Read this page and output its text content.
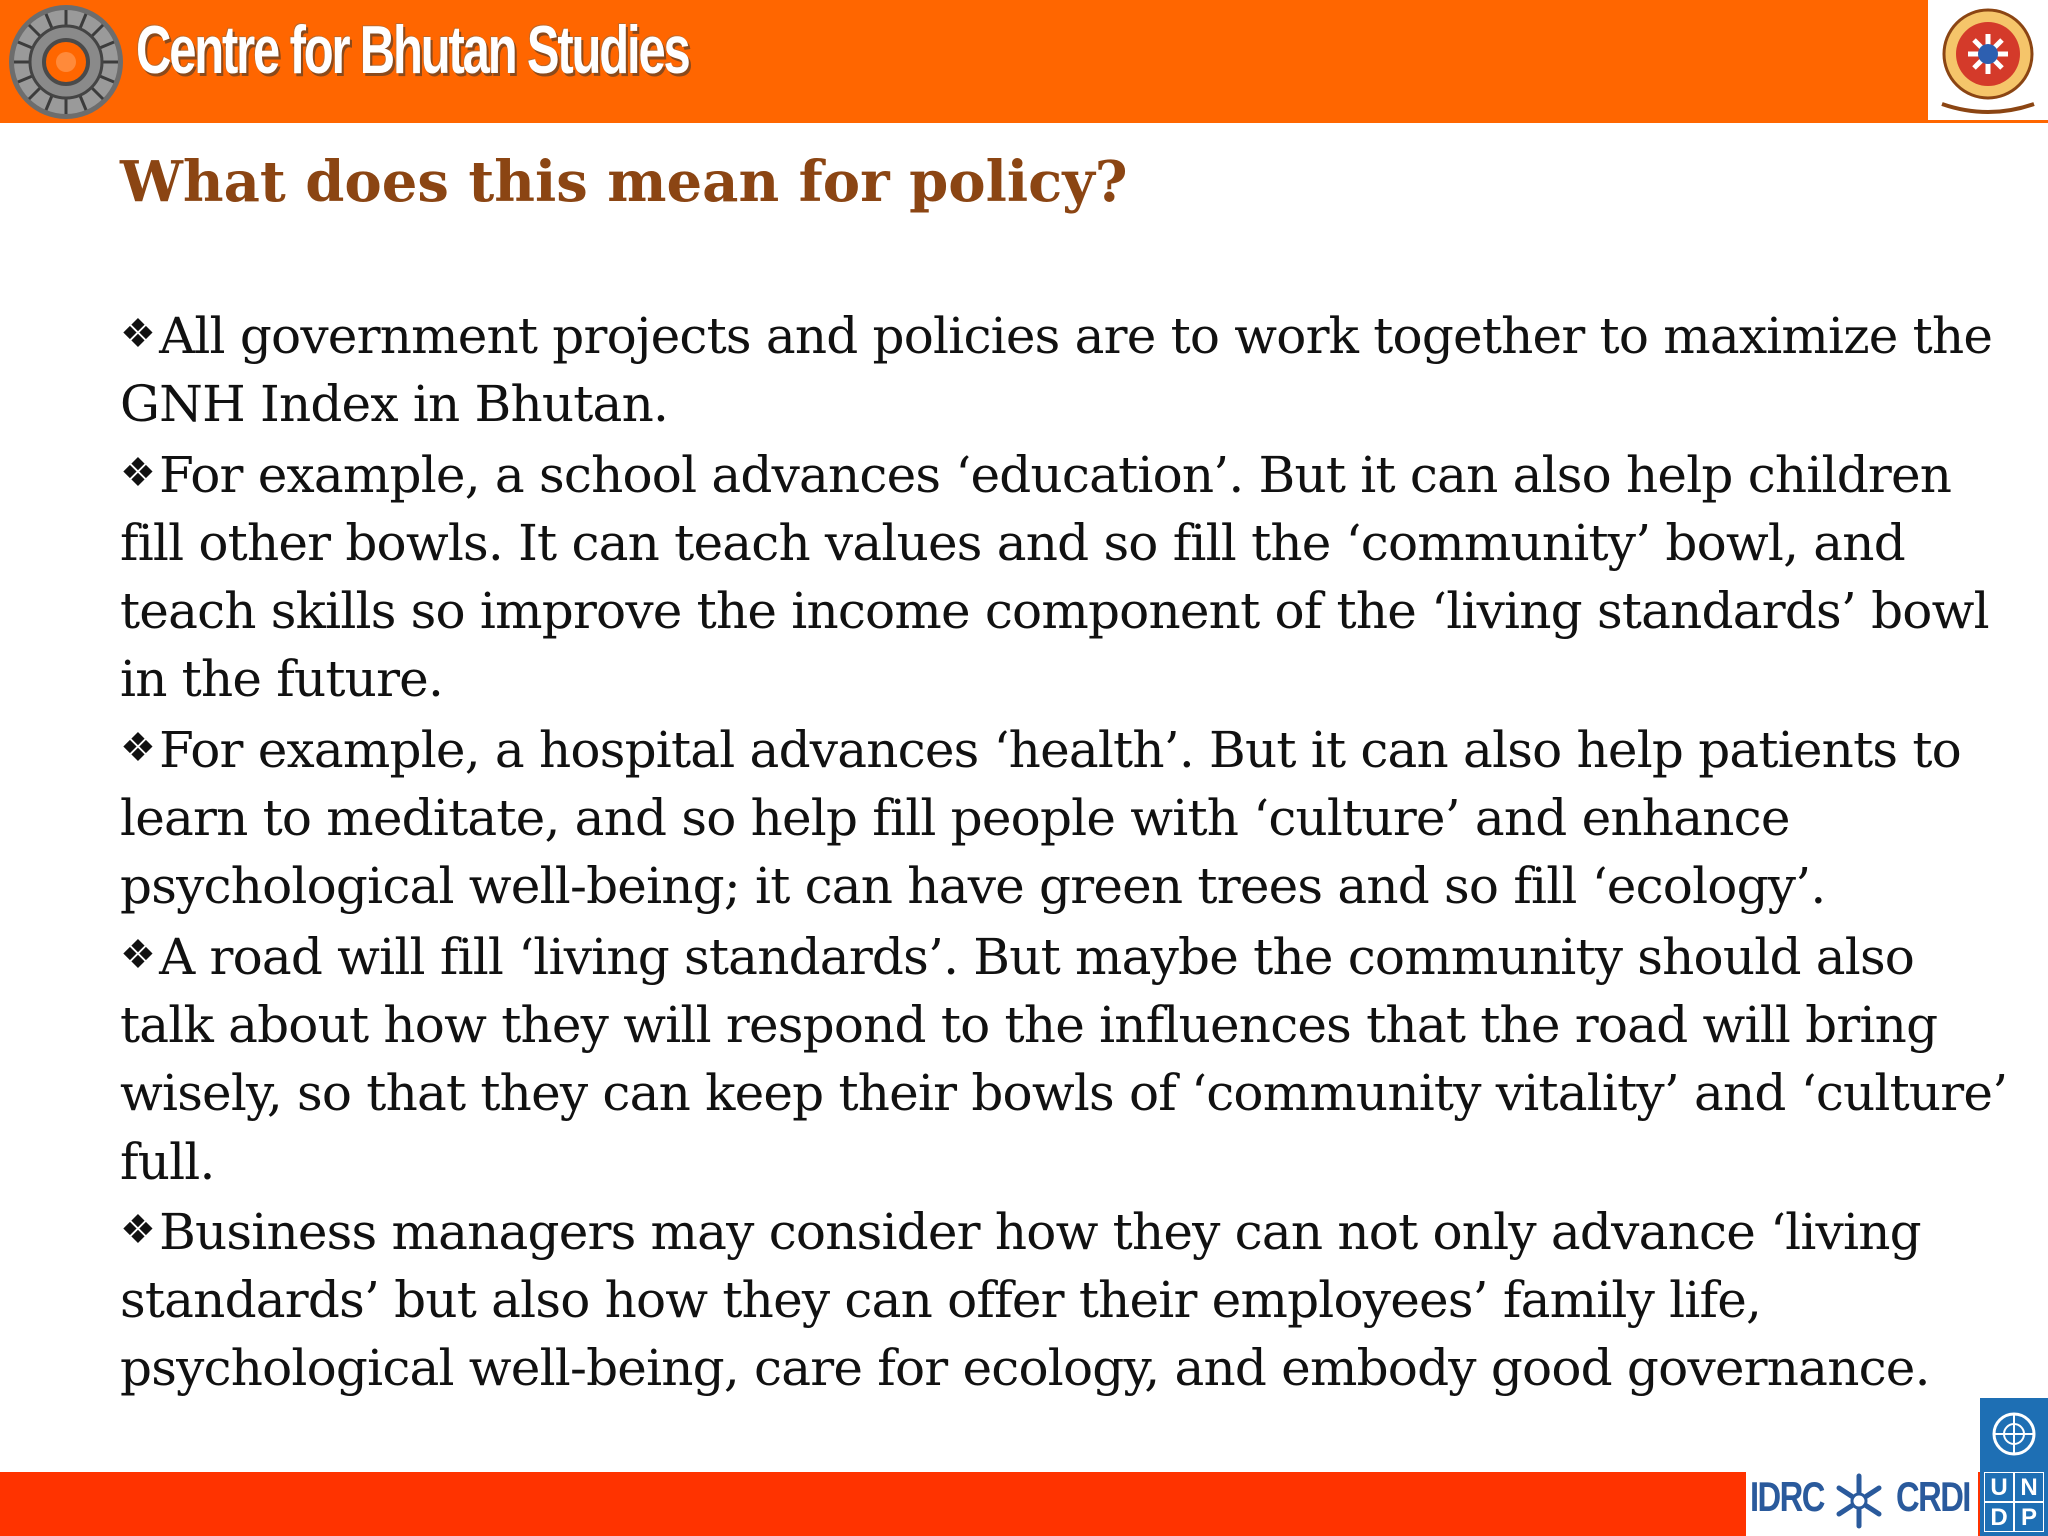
Centre for Bhutan Studies
What does this mean for policy?

❖All government projects and policies are to work together to maximize the GNH Index in Bhutan.

❖For example, a school advances ‘education’. But it can also help children fill other bowls. It can teach values and so fill the ‘community’ bowl, and teach skills so improve the income component of the ‘living standards’ bowl in the future.

❖For example, a hospital advances ‘health’. But it can also help patients to learn to meditate, and so help fill people with ‘culture’ and enhance psychological well-being; it can have green trees and so fill ‘ecology’.

❖A road will fill ‘living standards’. But maybe the community should also talk about how they will respond to the influences that the road will bring wisely, so that they can keep their bowls of ‘community vitality’ and ‘culture’ full.

❖Business managers may consider how they can not only advance ‘living standards’ but also how they can offer their employees’ family life, psychological well-being, care for ecology, and embody good governance.

IDRC CRDI U N
D P
